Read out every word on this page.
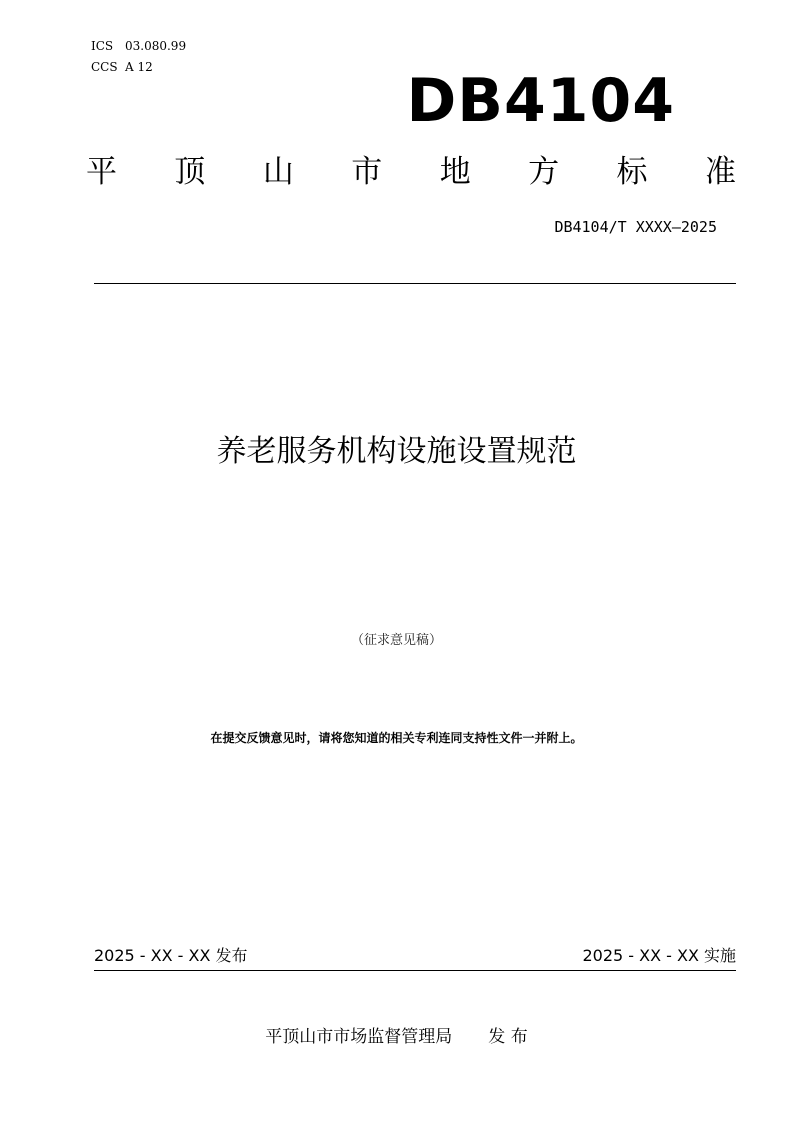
ICS 03.080.99
CCS A 12	DB4104
平 顶 山 市 地 方 标 准
DB4104/T XXXX—2025
养老服务机构设施设置规范
（征求意见稿）
在提交反馈意见时，请将您知道的相关专利连同支持性文件一并附上。
2025 - XX - XX 发布	2025 - XX - XX 实施
平顶山市市场监督管理局 发 布
